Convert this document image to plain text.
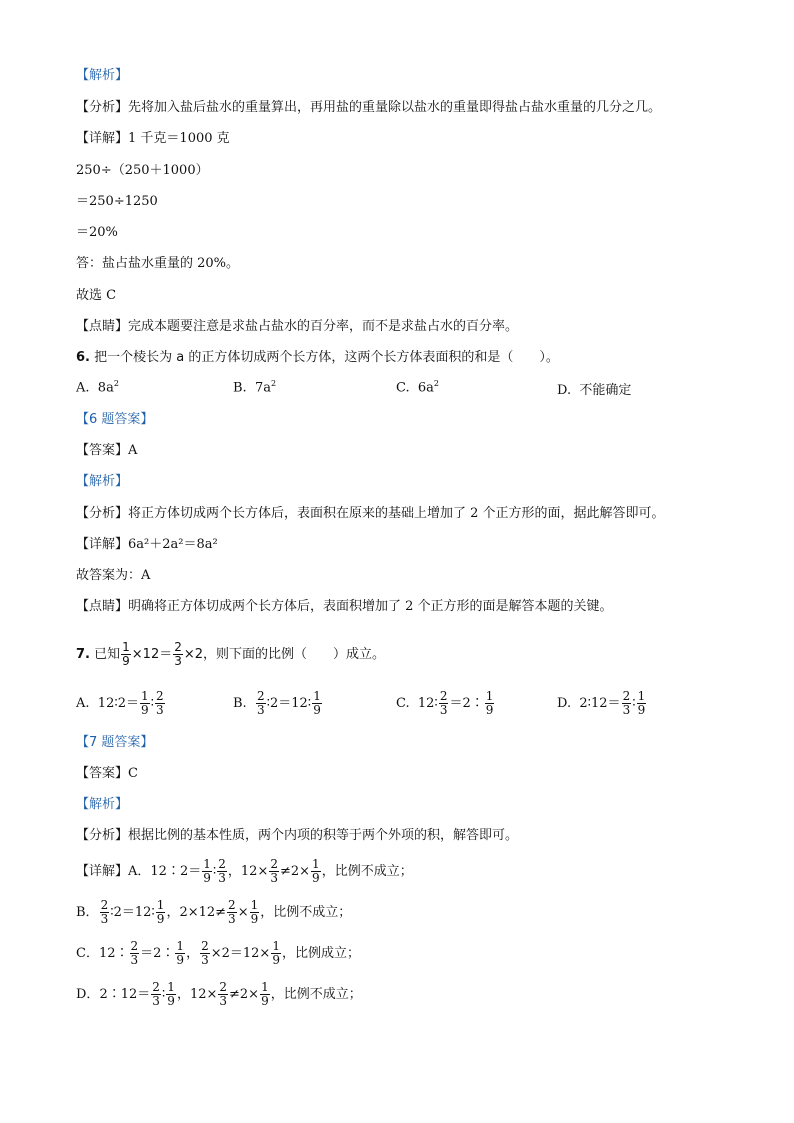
【解析】
【分析】先将加入盐后盐水的重量算出，再用盐的重量除以盐水的重量即得盐占盐水重量的几分之几。
【详解】1 千克＝1000 克
250÷（250＋1000）
＝250÷1250
＝20%
答：盐占盐水重量的 20%。
故选 C
【点睛】完成本题要注意是求盐占盐水的百分率，而不是求盐占水的百分率。
6. 把一个棱长为 a 的正方体切成两个长方体，这两个长方体表面积的和是（　　）。
A. $8a^2$	B. $7a^2$	C. $6a^2$	D. 不能确定
【6 题答案】
【答案】A
【解析】
【分析】将正方体切成两个长方体后，表面积在原来的基础上增加了 2 个正方形的面，据此解答即可。
【详解】6a²＋2a²＝8a²
故答案为：A
【点睛】明确将正方体切成两个长方体后，表面积增加了 2 个正方形的面是解答本题的关键。
7. 已知 $\frac{1}{9} \times 12= \frac{2}{3} \times 2$，则下面的比例（　　）成立。
A. 12∶2＝ $\frac{1}{9}$ ∶ $\frac{2}{3}$	B. $\frac{2}{3}$ ∶2＝12∶ $\frac{1}{9}$	C. 12∶ $\frac{2}{3}$ ＝2∶ $\frac{1}{9}$	D. 2∶12＝ $\frac{2}{3}$ ∶ $\frac{1}{9}$
【7 题答案】
【答案】C
【解析】
【分析】根据比例的基本性质，两个内项的积等于两个外项的积，解答即可。
【详解】A．12∶2＝ $\frac{1}{9}$ ∶ $\frac{2}{3}$ ，$12\times \frac{2}{3} \ne 2\times \frac{1}{9}$ ，比例不成立；
B． $\frac{2}{3}$ ∶2＝12∶ $\frac{1}{9}$ ，$2\times 12\ne \frac{2}{3} \times \frac{1}{9}$ ，比例不成立；
C．12∶ $\frac{2}{3}$ ＝2∶ $\frac{1}{9}$ ， $\frac{2}{3} \times 2=12\times \frac{1}{9}$ ，比例成立；
D．2∶12＝ $\frac{2}{3}$ ∶ $\frac{1}{9}$ ，$12\times \frac{2}{3} \ne 2\times \frac{1}{9}$ ，比例不成立；
